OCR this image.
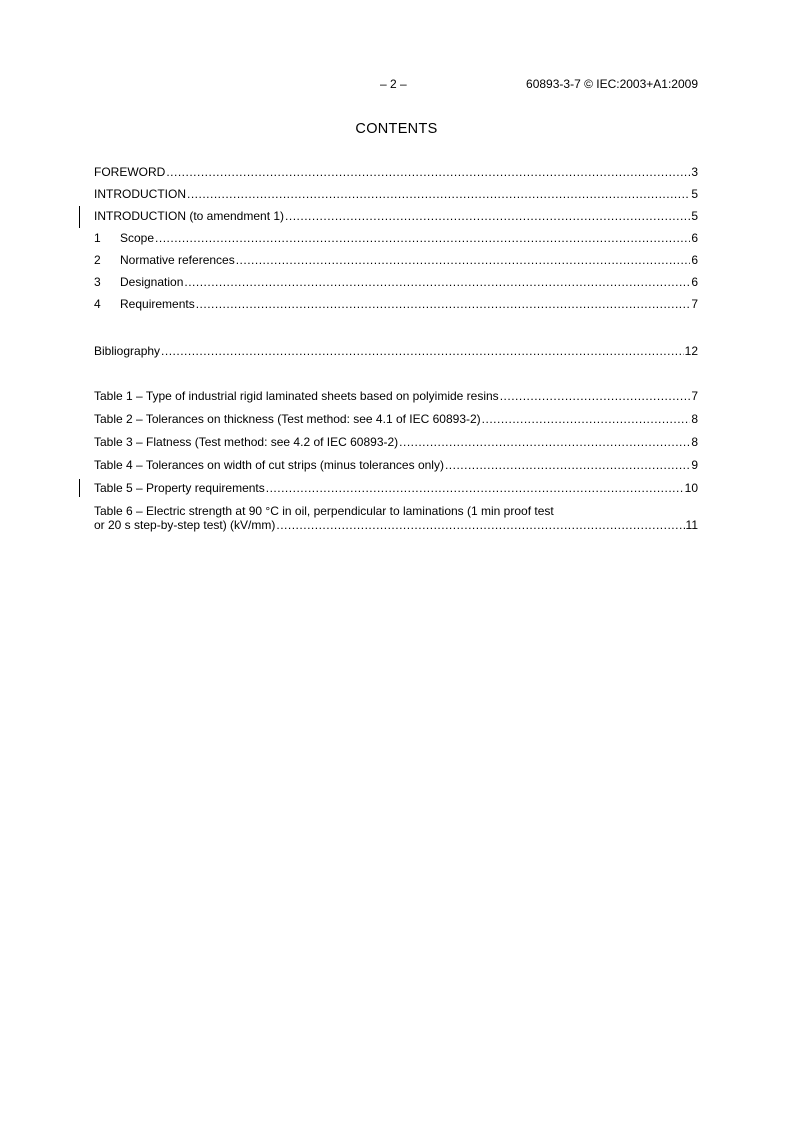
– 2 –	60893-3-7 © IEC:2003+A1:2009
CONTENTS
FOREWORD .....	3
INTRODUCTION .....	5
INTRODUCTION (to amendment 1) .....	5
1	Scope .....	6
2	Normative references .....	6
3	Designation .....	6
4	Requirements .....	7
Bibliography .....	12
Table 1 – Type of industrial rigid laminated sheets based on polyimide resins .....	7
Table 2 – Tolerances on thickness (Test method: see 4.1 of IEC 60893-2) .....	8
Table 3 – Flatness (Test method: see 4.2 of IEC 60893-2) .....	8
Table 4 – Tolerances on width of cut strips (minus tolerances only) .....	9
Table 5 – Property requirements .....	10
Table 6 – Electric strength at 90 °C in oil, perpendicular to laminations (1 min proof test
or 20 s step-by-step test) (kV/mm) .....	11
